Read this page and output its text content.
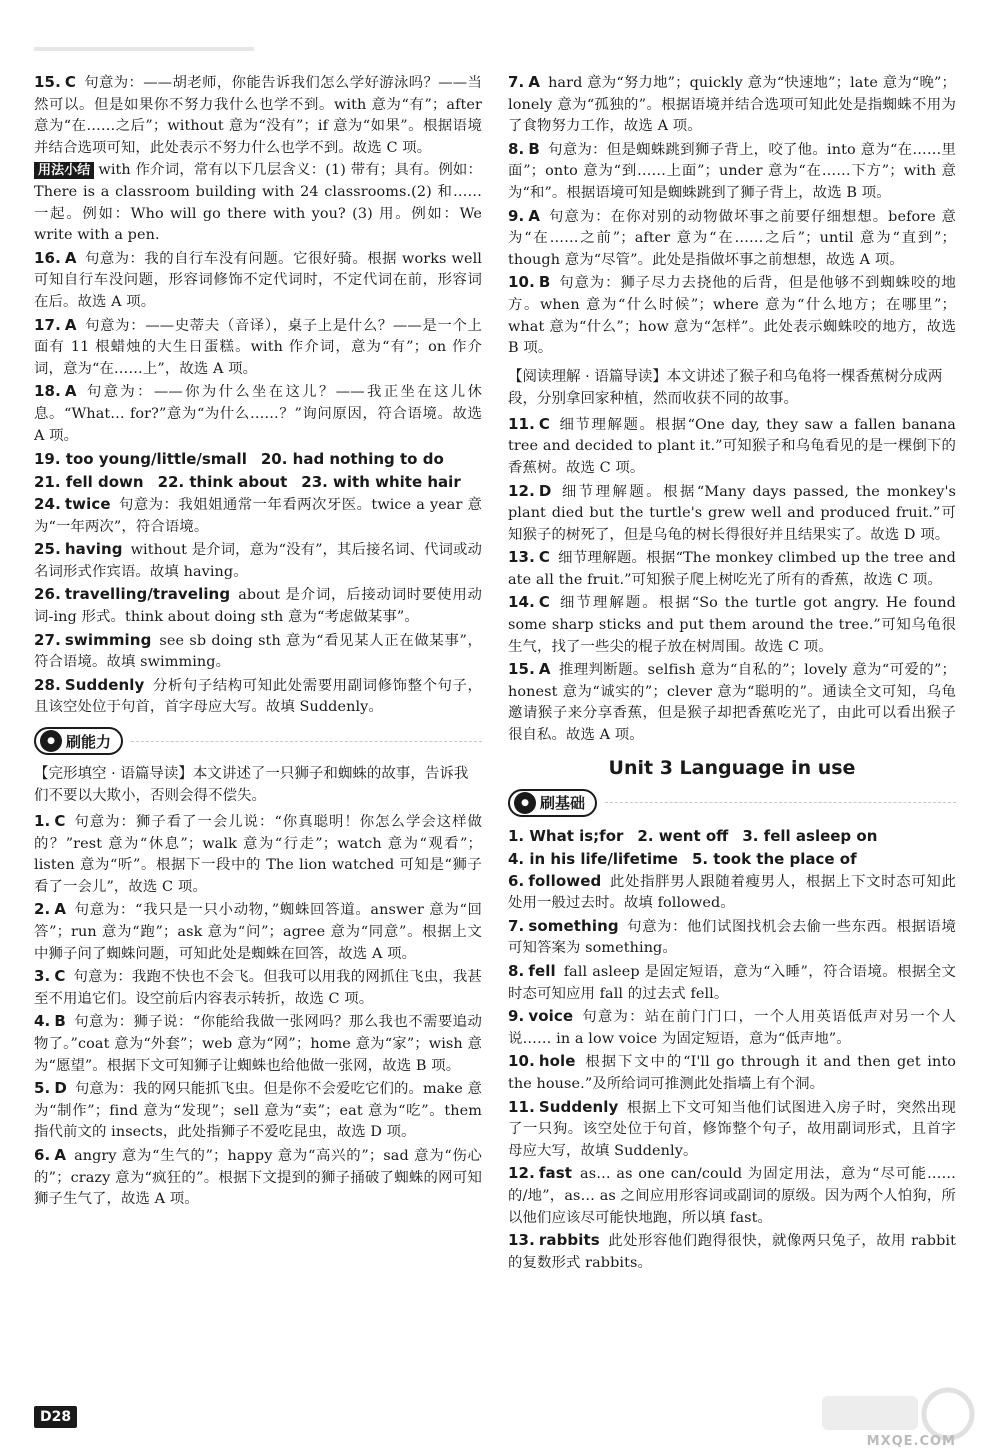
15. C 句意为：——胡老师，你能告诉我们怎么学好游泳吗？——当然可以。但是如果你不努力我什么也学不到。with 意为“有”；after 意为“在……之后”；without 意为“没有”；if 意为“如果”。根据语境并结合选项可知，此处表示不努力什么也学不到。故选 C 项。
用法小结 with 作介词，常有以下几层含义：(1) 带有；具有。例如：There is a classroom building with 24 classrooms.(2) 和……一起。例如：Who will go there with you? (3) 用。例如：We write with a pen.
16. A 句意为：我的自行车没有问题。它很好骑。根据 works well 可知自行车没问题，形容词修饰不定代词时，不定代词在前，形容词在后。故选 A 项。
17. A 句意为：——史蒂夫（音译），桌子上是什么？——是一个上面有 11 根蜡烛的大生日蛋糕。with 作介词，意为“有”；on 作介词，意为“在……上”，故选 A 项。
18. A 句意为：——你为什么坐在这儿？——我正坐在这儿休息。“What… for?”意为“为什么……？”询问原因，符合语境。故选 A 项。
19. too young/little/small 20. had nothing to do
21. fell down 22. think about 23. with white hair
24. twice 句意为：我姐姐通常一年看两次牙医。twice a year 意为“一年两次”，符合语境。
25. having without 是介词，意为“没有”，其后接名词、代词或动名词形式作宾语。故填 having。
26. travelling/traveling about 是介词，后接动词时要使用动词-ing 形式。think about doing sth 意为“考虑做某事”。
27. swimming see sb doing sth 意为“看见某人正在做某事”，符合语境。故填 swimming。
28. Suddenly 分析句子结构可知此处需要用副词修饰整个句子，且该空处位于句首，首字母应大写。故填 Suddenly。
● 刷能力
【完形填空 · 语篇导读】本文讲述了一只狮子和蜘蛛的故事，告诉我们不要以大欺小，否则会得不偿失。
1. C 句意为：狮子看了一会儿说：“你真聪明！你怎么学会这样做的？”rest 意为“休息”；walk 意为“行走”；watch 意为“观看”；listen 意为“听”。根据下一段中的 The lion watched 可知是“狮子看了一会儿”，故选 C 项。
2. A 句意为：“我只是一只小动物，”蜘蛛回答道。answer 意为“回答”；run 意为“跑”；ask 意为“问”；agree 意为“同意”。根据上文中狮子问了蜘蛛问题，可知此处是蜘蛛在回答，故选 A 项。
3. C 句意为：我跑不快也不会飞。但我可以用我的网抓住飞虫，我甚至不用追它们。设空前后内容表示转折，故选 C 项。
4. B 句意为：狮子说：“你能给我做一张网吗？那么我也不需要追动物了。”coat 意为“外套”；web 意为“网”；home 意为“家”；wish 意为“愿望”。根据下文可知狮子让蜘蛛也给他做一张网，故选 B 项。
5. D 句意为：我的网只能抓飞虫。但是你不会爱吃它们的。make 意为“制作”；find 意为“发现”；sell 意为“卖”；eat 意为“吃”。them 指代前文的 insects，此处指狮子不爱吃昆虫，故选 D 项。
6. A angry 意为“生气的”；happy 意为“高兴的”；sad 意为“伤心的”；crazy 意为“疯狂的”。根据下文提到的狮子捅破了蜘蛛的网可知狮子生气了，故选 A 项。
7. A hard 意为“努力地”；quickly 意为“快速地”；late 意为“晚”；lonely 意为“孤独的”。根据语境并结合选项可知此处是指蜘蛛不用为了食物努力工作，故选 A 项。
8. B 句意为：但是蜘蛛跳到狮子背上，咬了他。into 意为“在……里面”；onto 意为“到……上面”；under 意为“在……下方”；with 意为“和”。根据语境可知是蜘蛛跳到了狮子背上，故选 B 项。
9. A 句意为：在你对别的动物做坏事之前要仔细想想。before 意为“在……之前”；after 意为“在……之后”；until 意为“直到”；though 意为“尽管”。此处是指做坏事之前想想，故选 A 项。
10. B 句意为：狮子尽力去挠他的后背，但是他够不到蜘蛛咬的地方。when 意为“什么时候”；where 意为“什么地方；在哪里”；what 意为“什么”；how 意为“怎样”。此处表示蜘蛛咬的地方，故选 B 项。
【阅读理解 · 语篇导读】本文讲述了猴子和乌龟将一棵香蕉树分成两段，分别拿回家种植，然而收获不同的故事。
11. C 细节理解题。根据“One day, they saw a fallen banana tree and decided to plant it.”可知猴子和乌龟看见的是一棵倒下的香蕉树。故选 C 项。
12. D 细节理解题。根据“Many days passed, the monkey's plant died but the turtle's grew well and produced fruit.”可知猴子的树死了，但是乌龟的树长得很好并且结果实了。故选 D 项。
13. C 细节理解题。根据“The monkey climbed up the tree and ate all the fruit.”可知猴子爬上树吃光了所有的香蕉，故选 C 项。
14. C 细节理解题。根据“So the turtle got angry. He found some sharp sticks and put them around the tree.”可知乌龟很生气，找了一些尖的棍子放在树周围。故选 C 项。
15. A 推理判断题。selfish 意为“自私的”；lovely 意为“可爱的”；honest 意为“诚实的”；clever 意为“聪明的”。通读全文可知，乌龟邀请猴子来分享香蕉，但是猴子却把香蕉吃光了，由此可以看出猴子很自私。故选 A 项。
Unit 3 Language in use
● 刷基础
1. What is;for 2. went off 3. fell asleep on
4. in his life/lifetime 5. took the place of
6. followed 此处指胖男人跟随着瘦男人，根据上下文时态可知此处用一般过去时。故填 followed。
7. something 句意为：他们试图找机会去偷一些东西。根据语境可知答案为 something。
8. fell fall asleep 是固定短语，意为“入睡”，符合语境。根据全文时态可知应用 fall 的过去式 fell。
9. voice 句意为：站在前门门口，一个人用英语低声对另一个人说…… in a low voice 为固定短语，意为“低声地”。
10. hole 根据下文中的“I'll go through it and then get into the house.”及所给词可推测此处指墙上有个洞。
11. Suddenly 根据上下文可知当他们试图进入房子时，突然出现了一只狗。该空处位于句首，修饰整个句子，故用副词形式，且首字母应大写，故填 Suddenly。
12. fast as… as one can/could 为固定用法，意为“尽可能……的/地”，as… as 之间应用形容词或副词的原级。因为两个人怕狗，所以他们应该尽可能快地跑，所以填 fast。
13. rabbits 此处形容他们跑得很快，就像两只兔子，故用 rabbit 的复数形式 rabbits。
D28
MXQE.COM
